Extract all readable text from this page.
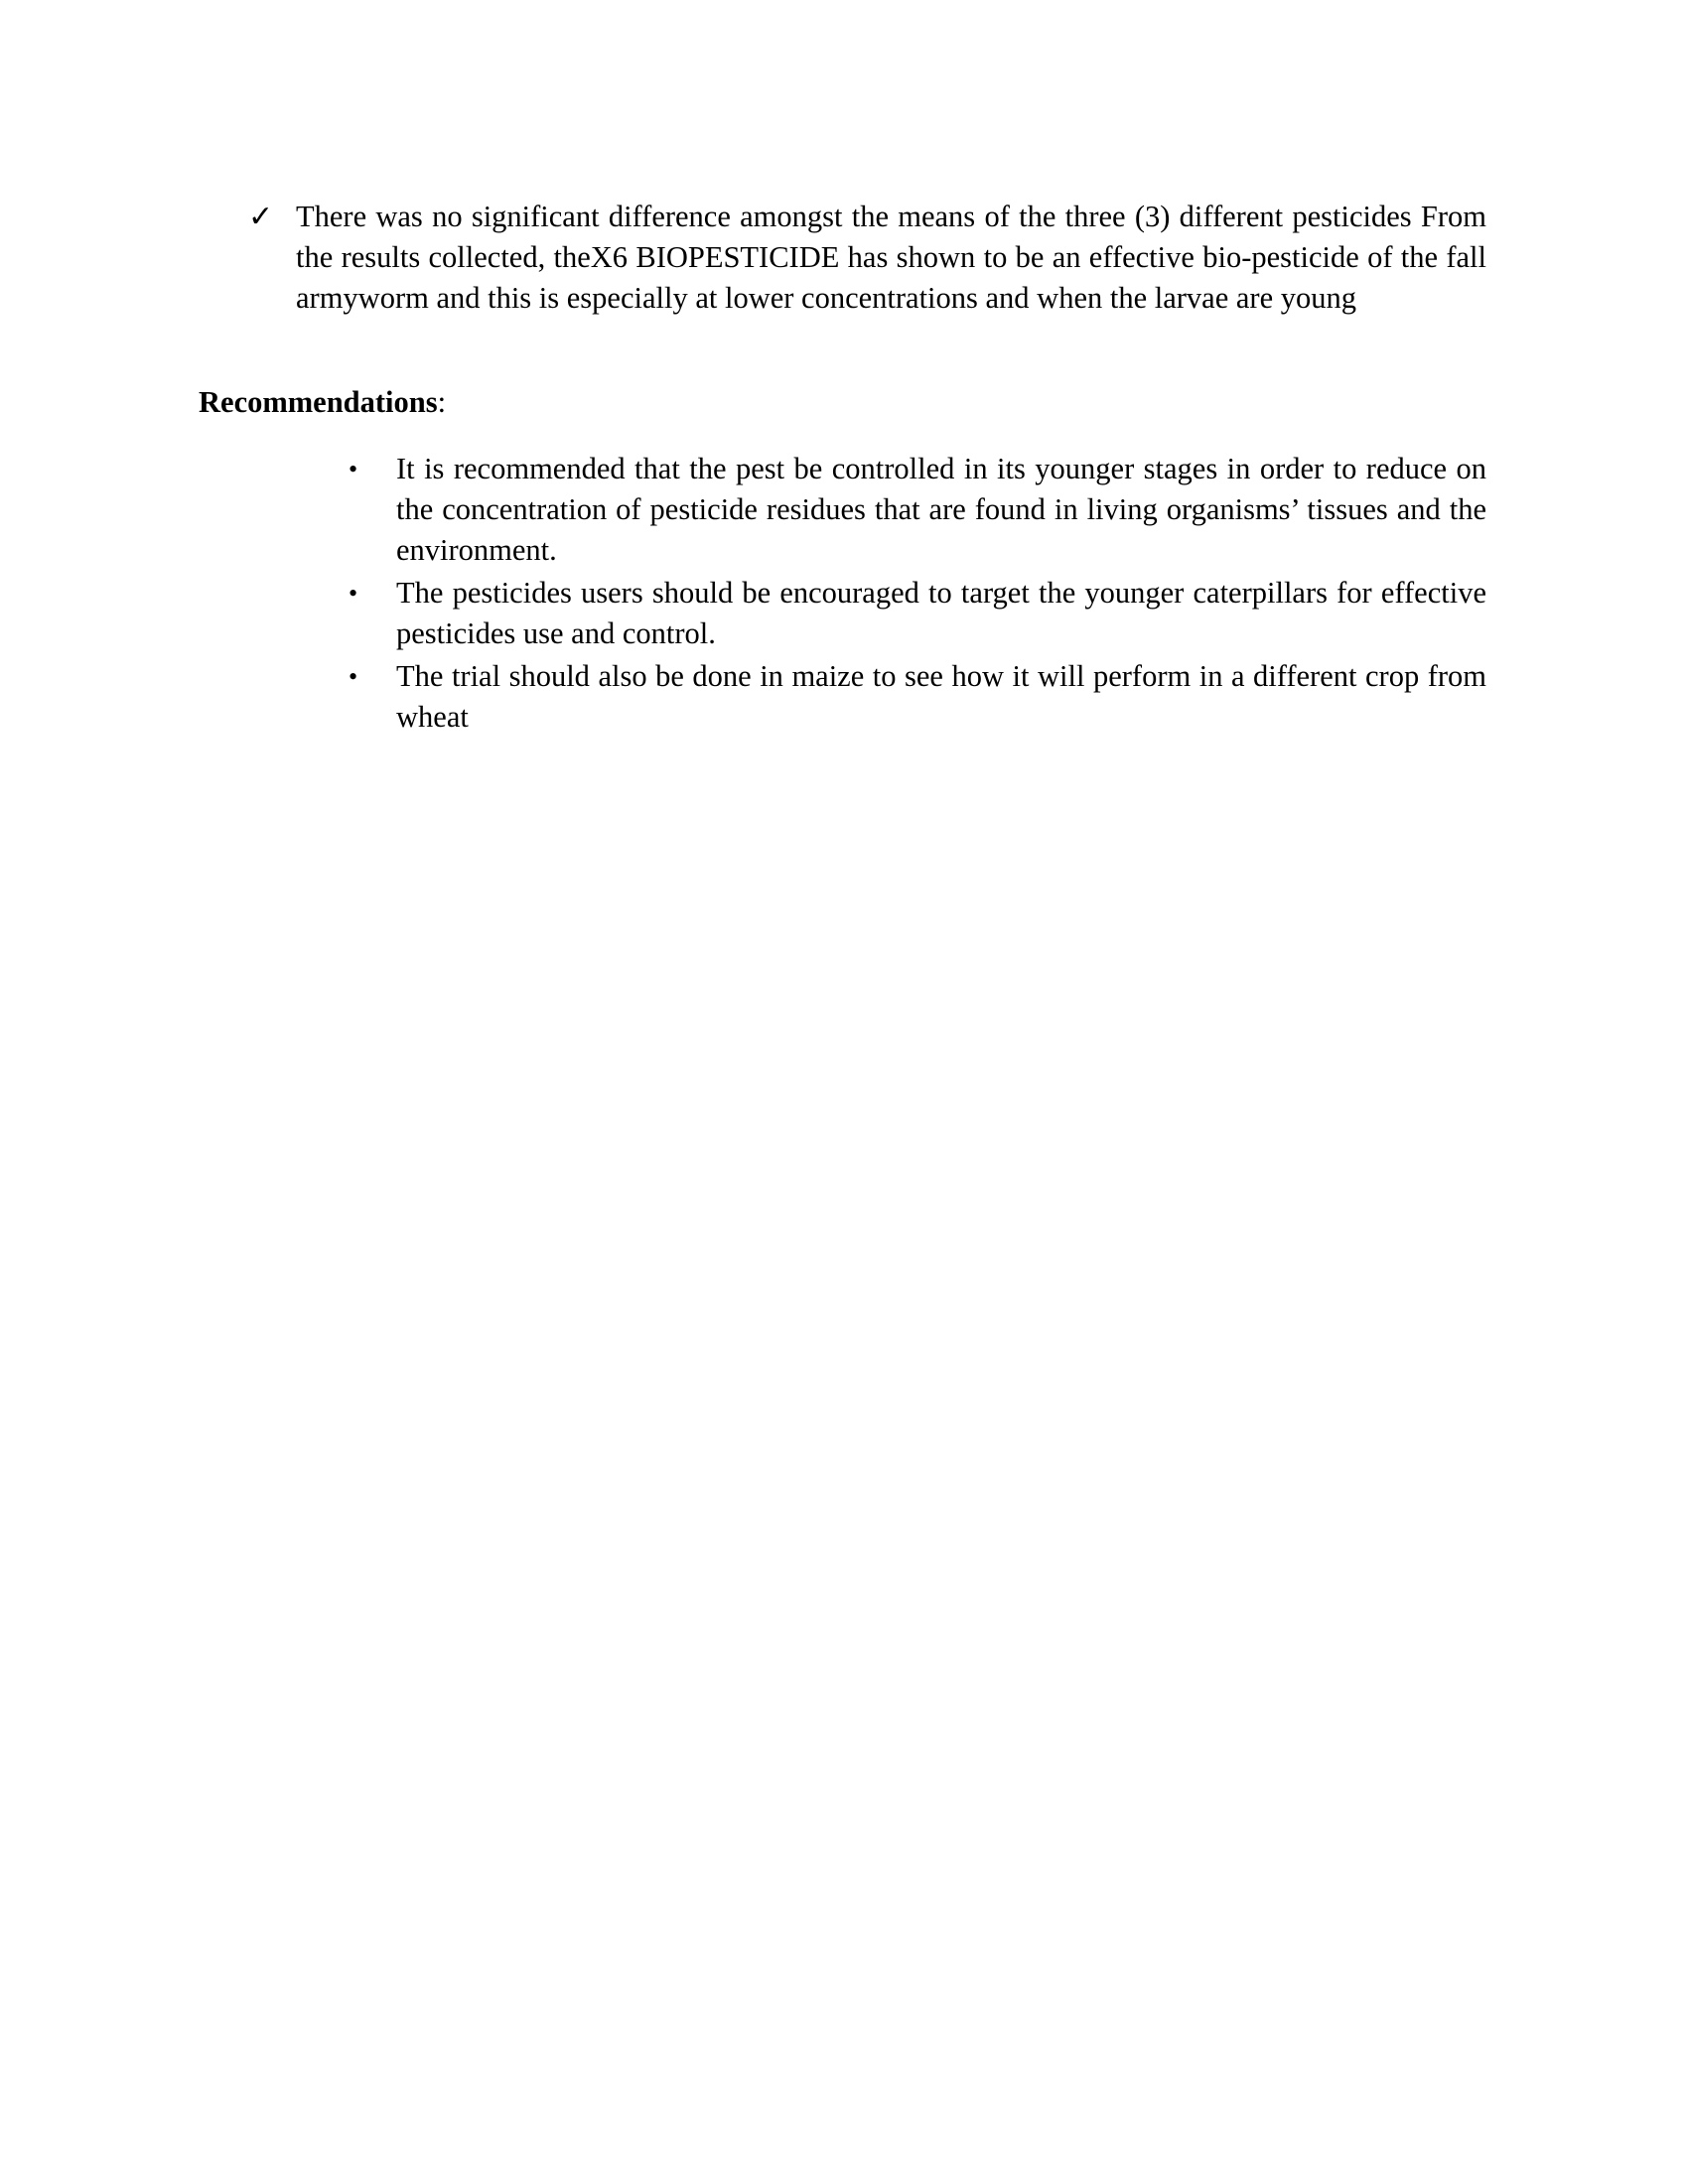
✓ There was no significant difference amongst the means of the three (3) different pesticides From the results collected, theX6 BIOPESTICIDE has shown to be an effective bio-pesticide of the fall armyworm and this is especially at lower concentrations and when the larvae are young
Recommendations:
• It is recommended that the pest be controlled in its younger stages in order to reduce on the concentration of pesticide residues that are found in living organisms’ tissues and the environment.
• The pesticides users should be encouraged to target the younger caterpillars for effective pesticides use and control.
• The trial should also be done in maize to see how it will perform in a different crop from wheat
